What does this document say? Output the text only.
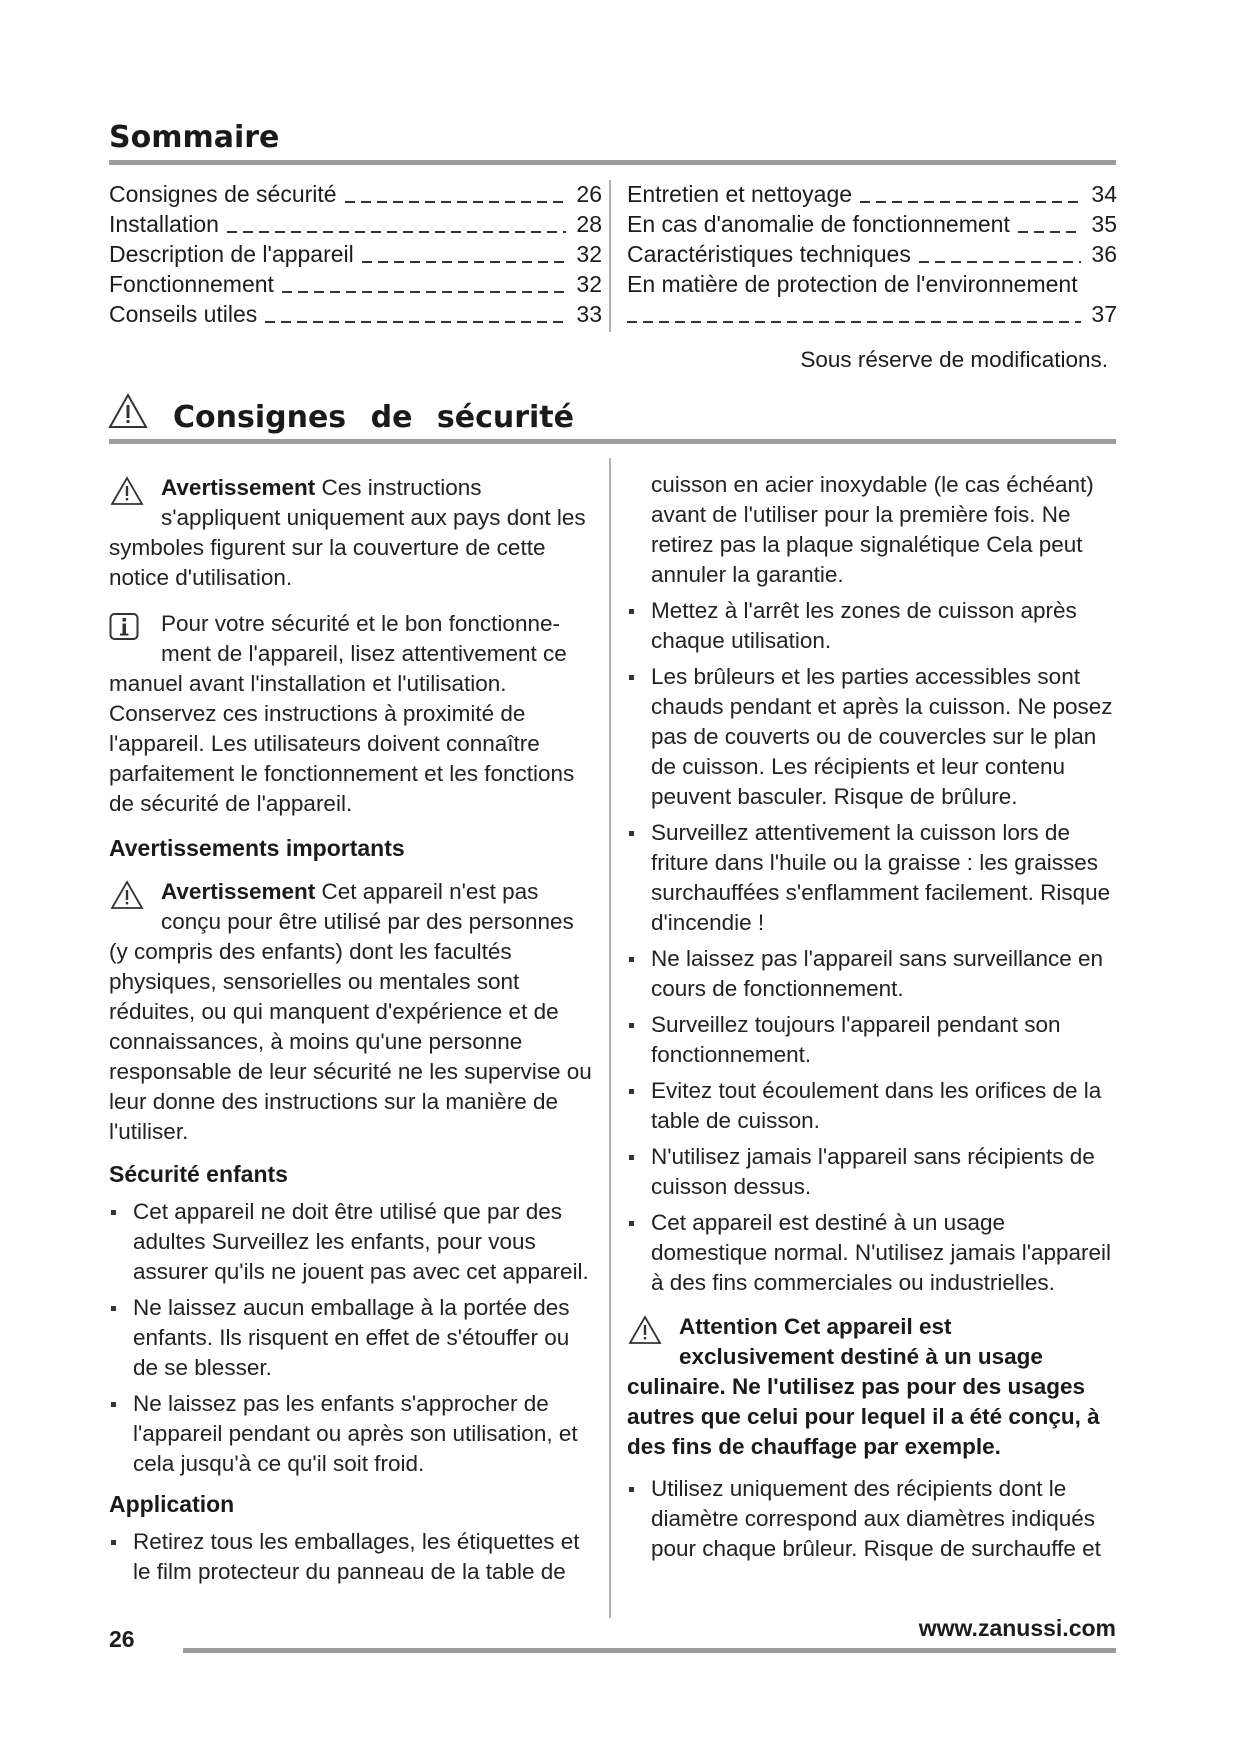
Sommaire
Consignes de sécurité	26
Installation	28
Description de l'appareil	32
Fonctionnement	32
Conseils utiles	33
Entretien et nettoyage	34
En cas d'anomalie de fonctionnement	35
Caractéristiques techniques	36
En matière de protection de l'environnement
37
Sous réserve de modifications.
Consignes de sécurité
Avertissement Ces instructions
s'appliquent uniquement aux pays dont les symboles figurent sur la couverture de cette notice d'utilisation.
Pour votre sécurité et le bon fonctionne-
ment de l'appareil, lisez attentivement ce manuel avant l'installation et l'utilisation. Conservez ces instructions à proximité de l'appareil. Les utilisateurs doivent connaître parfaitement le fonctionnement et les fonctions de sécurité de l'appareil.
Avertissements importants
Avertissement Cet appareil n'est pas
conçu pour être utilisé par des personnes (y compris des enfants) dont les facultés physiques, sensorielles ou mentales sont réduites, ou qui manquent d'expérience et de connaissances, à moins qu'une personne responsable de leur sécurité ne les supervise ou leur donne des instructions sur la manière de l'utiliser.
Sécurité enfants
Cet appareil ne doit être utilisé que par des adultes Surveillez les enfants, pour vous assurer qu'ils ne jouent pas avec cet appareil.
Ne laissez aucun emballage à la portée des enfants. Ils risquent en effet de s'étouffer ou de se blesser.
Ne laissez pas les enfants s'approcher de l'appareil pendant ou après son utilisation, et cela jusqu'à ce qu'il soit froid.
Application
Retirez tous les emballages, les étiquettes et le film protecteur du panneau de la table de
cuisson en acier inoxydable (le cas échéant) avant de l'utiliser pour la première fois. Ne retirez pas la plaque signalétique Cela peut annuler la garantie.
Mettez à l'arrêt les zones de cuisson après chaque utilisation.
Les brûleurs et les parties accessibles sont chauds pendant et après la cuisson. Ne posez pas de couverts ou de couvercles sur le plan de cuisson. Les récipients et leur contenu peuvent basculer. Risque de brûlure.
Surveillez attentivement la cuisson lors de friture dans l'huile ou la graisse : les graisses surchauffées s'enflamment facilement. Risque d'incendie !
Ne laissez pas l'appareil sans surveillance en cours de fonctionnement.
Surveillez toujours l'appareil pendant son fonctionnement.
Evitez tout écoulement dans les orifices de la table de cuisson.
N'utilisez jamais l'appareil sans récipients de cuisson dessus.
Cet appareil est destiné à un usage domestique normal. N'utilisez jamais l'appareil à des fins commerciales ou industrielles.
Attention Cet appareil est
exclusivement destiné à un usage culinaire. Ne l'utilisez pas pour des usages autres que celui pour lequel il a été conçu, à des fins de chauffage par exemple.
Utilisez uniquement des récipients dont le diamètre correspond aux diamètres indiqués pour chaque brûleur. Risque de surchauffe et
26	www.zanussi.com
